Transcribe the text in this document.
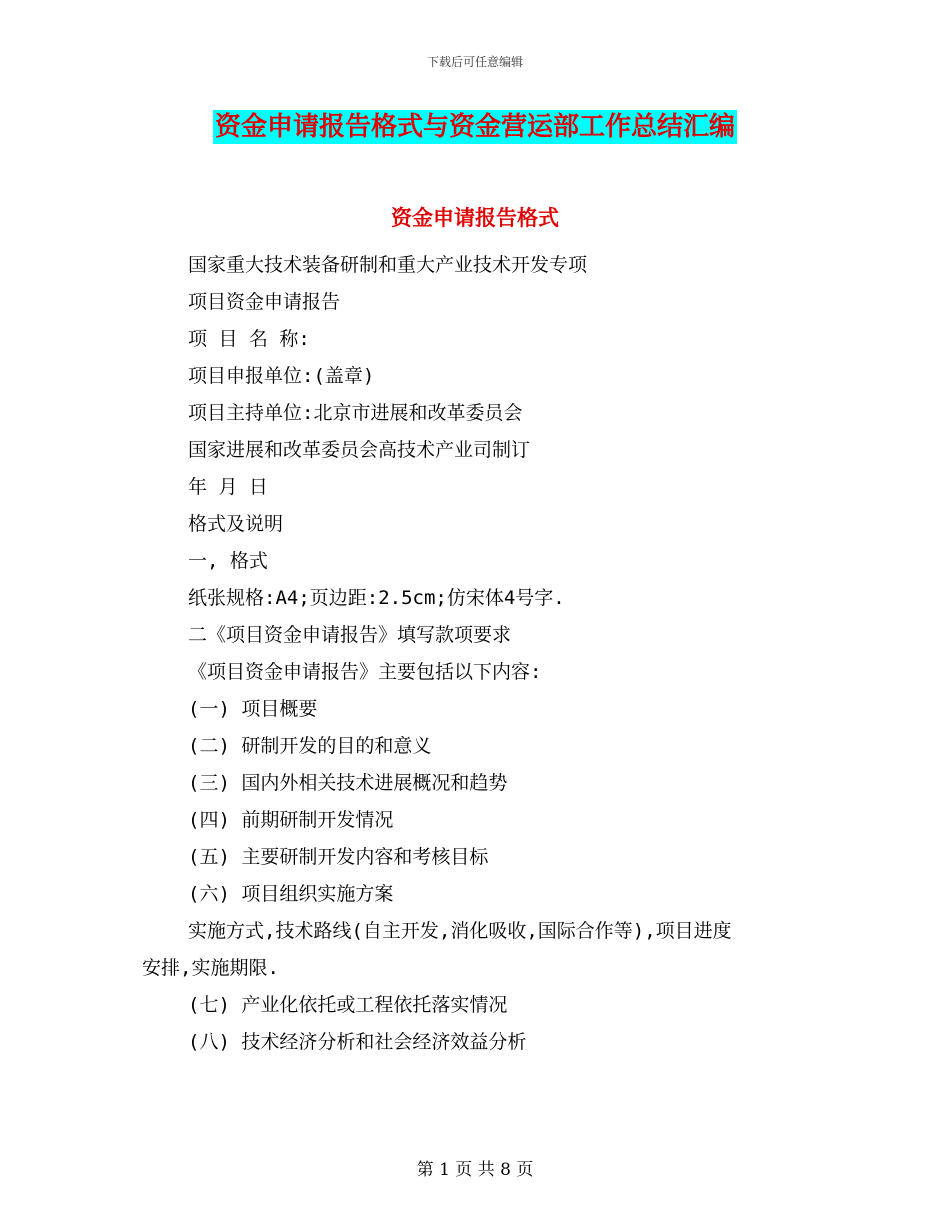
下载后可任意编辑
资金申请报告格式与资金营运部工作总结汇编
资金申请报告格式
国家重大技术装备研制和重大产业技术开发专项
项目资金申请报告
项 目 名 称:
项目申报单位:(盖章)
项目主持单位:北京市进展和改革委员会
国家进展和改革委员会高技术产业司制订
年 月 日
格式及说明
一, 格式
纸张规格:A4;页边距:2.5cm;仿宋体4号字.
二《项目资金申请报告》填写款项要求
《项目资金申请报告》主要包括以下内容:
(一) 项目概要
(二) 研制开发的目的和意义
(三) 国内外相关技术进展概况和趋势
(四) 前期研制开发情况
(五) 主要研制开发内容和考核目标
(六) 项目组织实施方案
实施方式,技术路线(自主开发,消化吸收,国际合作等),项目进度
安排,实施期限.
(七) 产业化依托或工程依托落实情况
(八) 技术经济分析和社会经济效益分析
第 1 页 共 8 页
